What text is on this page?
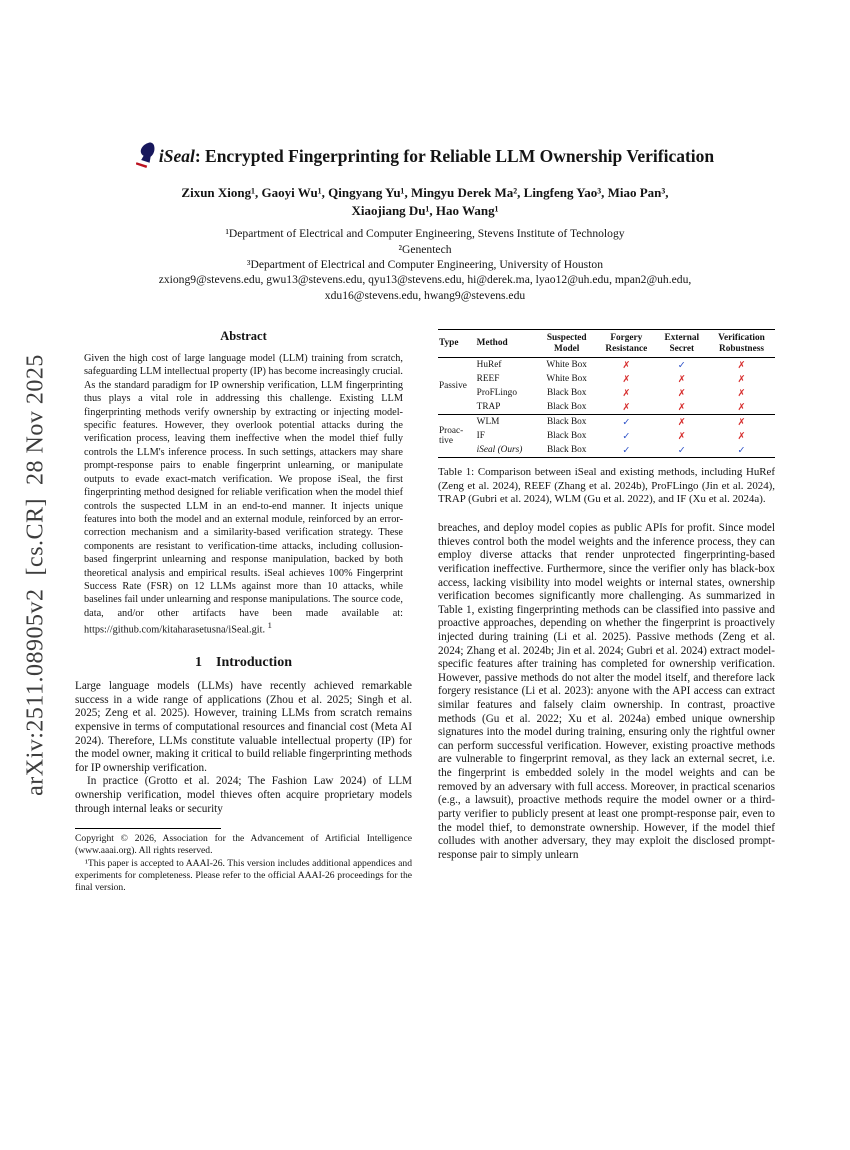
arXiv:2511.08905v2  [cs.CR]  28 Nov 2025
iSeal: Encrypted Fingerprinting for Reliable LLM Ownership Verification
Zixun Xiong¹, Gaoyi Wu¹, Qingyang Yu¹, Mingyu Derek Ma², Lingfeng Yao³, Miao Pan³,
Xiaojiang Du¹, Hao Wang¹
¹Department of Electrical and Computer Engineering, Stevens Institute of Technology
²Genentech
³Department of Electrical and Computer Engineering, University of Houston
zxiong9@stevens.edu, gwu13@stevens.edu, qyu13@stevens.edu, hi@derek.ma, lyao12@uh.edu, mpan2@uh.edu,
xdu16@stevens.edu, hwang9@stevens.edu
Abstract

Given the high cost of large language model (LLM) training from scratch, safeguarding LLM intellectual property (IP) has become increasingly crucial. As the standard paradigm for IP ownership verification, LLM fingerprinting thus plays a vital role in addressing this challenge. Existing LLM fingerprinting methods verify ownership by extracting or injecting model-specific features. However, they overlook potential attacks during the verification process, leaving them ineffective when the model thief fully controls the LLM's inference process. In such settings, attackers may share prompt-response pairs to enable fingerprint unlearning, or manipulate outputs to evade exact-match verification. We propose iSeal, the first fingerprinting method designed for reliable verification when the model thief controls the suspected LLM in an end-to-end manner. It injects unique features into both the model and an external module, reinforced by an error-correction mechanism and a similarity-based verification strategy. These components are resistant to verification-time attacks, including collusion-based fingerprint unlearning and response manipulation, backed by both theoretical analysis and empirical results. iSeal achieves 100% Fingerprint Success Rate (FSR) on 12 LLMs against more than 10 attacks, while baselines fail under unlearning and response manipulations. The source code, data, and/or other artifacts have been made available at: https://github.com/kitaharasetusna/iSeal.git. $^1$

1    Introduction

Large language models (LLMs) have recently achieved remarkable success in a wide range of applications (Zhou et al. 2025; Singh et al. 2025; Zeng et al. 2025). However, training LLMs from scratch remains expensive in terms of computational resources and financial cost (Meta AI 2024). Therefore, LLMs constitute valuable intellectual property (IP) for the model owner, making it critical to build reliable fingerprinting methods for IP ownership verification.

In practice (Grotto et al. 2024; The Fashion Law 2024) of LLM ownership verification, model thieves often acquire proprietary models through internal leaks or security

Copyright © 2026, Association for the Advancement of Artificial Intelligence (www.aaai.org). All rights reserved.

¹This paper is accepted to AAAI-26. This version includes additional appendices and experiments for completeness. Please refer to the official AAAI-26 proceedings for the final version.

Type	Method	Suspected Model	Forgery Resistance	External Secret	Verification Robustness
Passive	HuRef	White Box	✗	✓	✗
	REEF	White Box	✗	✗	✗
	ProFLingo	Black Box	✗	✗	✗
	TRAP	Black Box	✗	✗	✗
Proac- tive	WLM	Black Box	✓	✗	✗
	IF	Black Box	✓	✗	✗
	iSeal (Ours)	Black Box	✓	✓	✓

Table 1: Comparison between iSeal and existing methods, including HuRef (Zeng et al. 2024), REEF (Zhang et al. 2024b), ProFLingo (Jin et al. 2024), TRAP (Gubri et al. 2024), WLM (Gu et al. 2022), and IF (Xu et al. 2024a).

breaches, and deploy model copies as public APIs for profit. Since model thieves control both the model weights and the inference process, they can employ diverse attacks that render unprotected fingerprinting-based verification ineffective. Furthermore, since the verifier only has black-box access, lacking visibility into model weights or internal states, ownership verification becomes significantly more challenging. As summarized in Table 1, existing fingerprinting methods can be classified into passive and proactive approaches, depending on whether the fingerprint is proactively injected during training (Li et al. 2025). Passive methods (Zeng et al. 2024; Zhang et al. 2024b; Jin et al. 2024; Gubri et al. 2024) extract model-specific features after training has completed for ownership verification. However, passive methods do not alter the model itself, and therefore lack forgery resistance (Li et al. 2023): anyone with the API access can extract similar features and falsely claim ownership. In contrast, proactive methods (Gu et al. 2022; Xu et al. 2024a) embed unique ownership signatures into the model during training, ensuring only the rightful owner can perform successful verification. However, existing proactive methods are vulnerable to fingerprint removal, as they lack an external secret, i.e. the fingerprint is embedded solely in the model weights and can be removed by an adversary with full access. Moreover, in practical scenarios (e.g., a lawsuit), proactive methods require the model owner or a third-party verifier to publicly present at least one prompt-response pair, even to the model thief, to demonstrate ownership. However, if the model thief colludes with another adversary, they may exploit the disclosed prompt-response pair to simply unlearn
